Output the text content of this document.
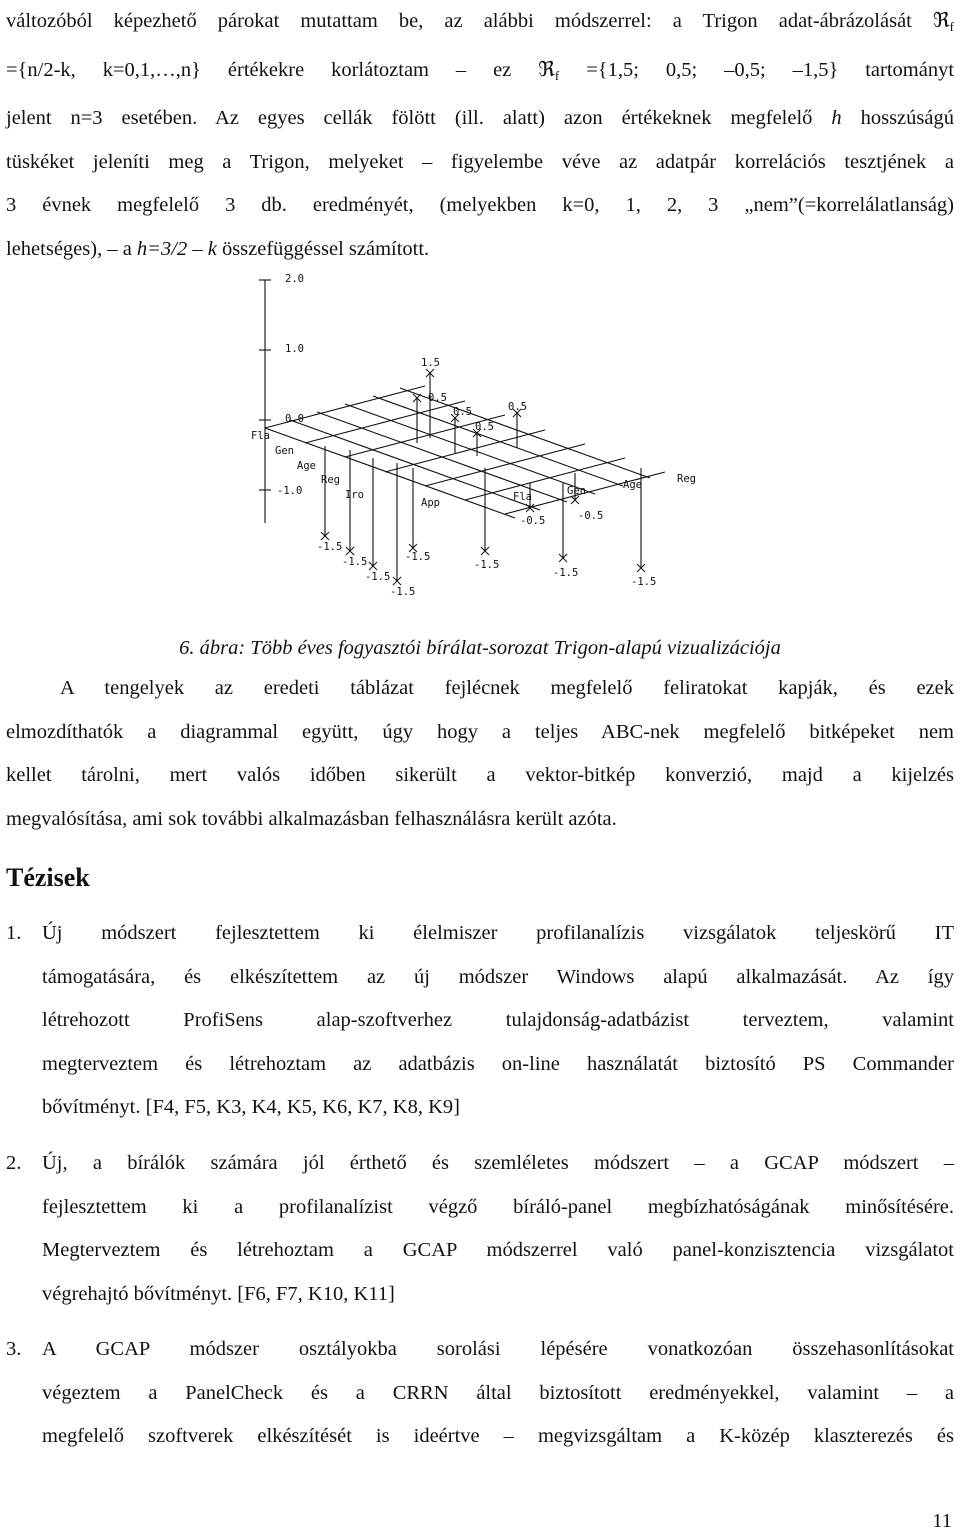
változóból képezhető párokat mutattam be, az alábbi módszerrel: a Trigon adat-ábrázolását ℜ$_f$
={n/2-k, k=0,1,…,n} értékekre korlátoztam – ez ℜ$_f$ ={1,5; 0,5; –0,5; –1,5} tartományt
jelent n=3 esetében. Az egyes cellák fölött (ill. alatt) azon értékeknek megfelelő h hosszúságú
tüskéket jeleníti meg a Trigon, melyeket – figyelembe véve az adatpár korrelációs tesztjének a
3 évnek megfelelő 3 db. eredményét, (melyekben k=0, 1, 2, 3 „nem”(=korrelálatlanság)
lehetséges), – a h=3/2 – k összefüggéssel számított.
2.0
1.0
0.0
-1.0
Fla
Gen
Age
Reg
Iro
App	Fla	Gen	Age	Reg
1.5
0.5
0.5
0.5
0.5
-0.5	-0.5
-1.5
-1.5
-1.5
-1.5
-1.5
-1.5
-1.5
-1.5
6. ábra: Több éves fogyasztói bírálat-sorozat Trigon-alapú vizualizációja
A tengelyek az eredeti táblázat fejlécnek megfelelő feliratokat kapják, és ezek
elmozdíthatók a diagrammal együtt, úgy hogy a teljes ABC-nek megfelelő bitképeket nem
kellet tárolni, mert valós időben sikerült a vektor-bitkép konverzió, majd a kijelzés
megvalósítása, ami sok további alkalmazásban felhasználásra került azóta.
Tézisek
1. Új módszert fejlesztettem ki élelmiszer profilanalízis vizsgálatok teljeskörű IT
támogatására, és elkészítettem az új módszer Windows alapú alkalmazását. Az így
létrehozott ProfiSens alap-szoftverhez tulajdonság-adatbázist terveztem, valamint
megterveztem és létrehoztam az adatbázis on-line használatát biztosító PS Commander
bővítményt. [F4, F5, K3, K4, K5, K6, K7, K8, K9]
2. Új, a bírálók számára jól érthető és szemléletes módszert – a GCAP módszert –
fejlesztettem ki a profilanalízist végző bíráló-panel megbízhatóságának minősítésére.
Megterveztem és létrehoztam a GCAP módszerrel való panel-konzisztencia vizsgálatot
végrehajtó bővítményt. [F6, F7, K10, K11]
3. A GCAP módszer osztályokba sorolási lépésére vonatkozóan összehasonlításokat
végeztem a PanelCheck és a CRRN által biztosított eredményekkel, valamint – a
megfelelő szoftverek elkészítését is ideértve – megvizsgáltam a K-közép klaszterezés és
11
